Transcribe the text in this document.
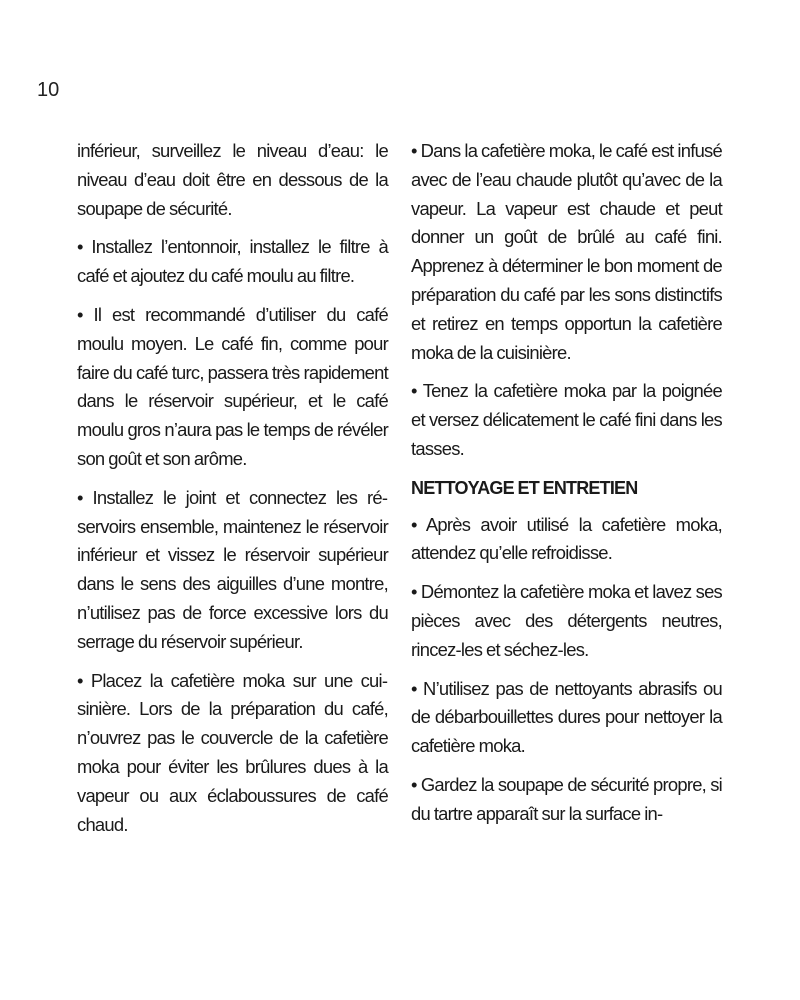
10

inférieur, surveillez le niveau d’eau: le niveau d’eau doit être en dessous de la soupape de sécurité.

• Installez l’entonnoir, installez le filtre à café et ajoutez du café moulu au filtre.

• Il est recommandé d’utiliser du café moulu moyen. Le café fin, comme pour faire du café turc, passera très rapidement dans le réservoir supérieur, et le café moulu gros n’aura pas le temps de révéler son goût et son arôme.

• Installez le joint et connectez les réservoirs ensemble, maintenez le réservoir inférieur et vissez le réservoir supérieur dans le sens des aiguilles d’une montre, n’utilisez pas de force excessive lors du serrage du réservoir supérieur.

• Placez la cafetière moka sur une cuisinière. Lors de la préparation du café, n’ouvrez pas le couvercle de la cafetière moka pour éviter les brûlures dues à la vapeur ou aux éclaboussures de café chaud.

• Dans la cafetière moka, le café est infusé avec de l’eau chaude plutôt qu’avec de la vapeur. La vapeur est chaude et peut donner un goût de brûlé au café fini. Apprenez à déterminer le bon moment de préparation du café par les sons distinctifs et retirez en temps opportun la cafetière moka de la cuisinière.

• Tenez la cafetière moka par la poignée et versez délicatement le café fini dans les tasses.

NETTOYAGE ET ENTRETIEN

• Après avoir utilisé la cafetière moka, attendez qu’elle refroidisse.

• Démontez la cafetière moka et lavez ses pièces avec des détergents neutres, rincez-les et séchez-les.

• N’utilisez pas de nettoyants abrasifs ou de débarbouillettes dures pour nettoyer la cafetière moka.

• Gardez la soupape de sécurité propre, si du tartre apparaît sur la surface in-
